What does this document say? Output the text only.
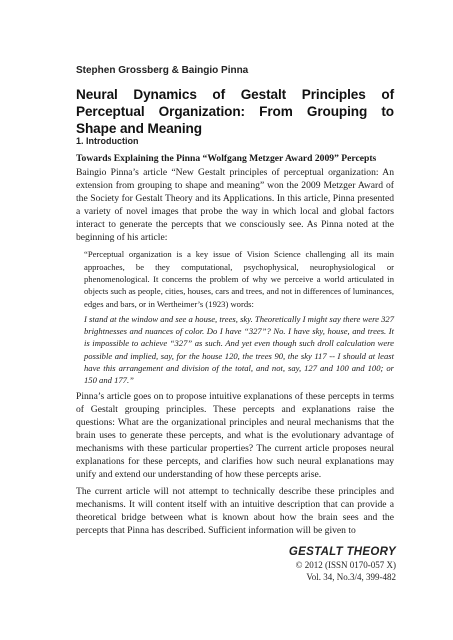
Stephen Grossberg & Baingio Pinna
Neural Dynamics of Gestalt Principles of Perceptual Organization: From Grouping to Shape and Meaning
1. Introduction

Towards Explaining the Pinna “Wolfgang Metzger Award 2009” Percepts

Baingio Pinna’s article “New Gestalt principles of perceptual organization: An extension from grouping to shape and meaning” won the 2009 Metzger Award of the Society for Gestalt Theory and its Applications. In this article, Pinna presented a variety of novel images that probe the way in which local and global factors interact to generate the percepts that we consciously see. As Pinna noted at the beginning of his article:

“Perceptual organization is a key issue of Vision Science challenging all its main approaches, be they computational, psychophysical, neurophysiological or phenomenological. It concerns the problem of why we perceive a world articulated in objects such as people, cities, houses, cars and trees, and not in differences of luminances, edges and bars, or in Wertheimer’s (1923) words:

I stand at the window and see a house, trees, sky. Theoretically I might say there were 327 brightnesses and nuances of color. Do I have “327”? No. I have sky, house, and trees. It is impossible to achieve “327” as such. And yet even though such droll calculation were possible and implied, say, for the house 120, the trees 90, the sky 117 -- I should at least have this arrangement and division of the total, and not, say, 127 and 100 and 100; or 150 and 177.”

Pinna’s article goes on to propose intuitive explanations of these percepts in terms of Gestalt grouping principles. These percepts and explanations raise the questions: What are the organizational principles and neural mechanisms that the brain uses to generate these percepts, and what is the evolutionary advantage of mechanisms with these particular properties? The current article proposes neural explanations for these percepts, and clarifies how such neural explanations may unify and extend our understanding of how these percepts arise.

The current article will not attempt to technically describe these principles and mechanisms. It will content itself with an intuitive description that can provide a theoretical bridge between what is known about how the brain sees and the percepts that Pinna has described. Sufficient information will be given to

GESTALT THEORY
© 2012 (ISSN 0170-057 X)
Vol. 34, No.3/4, 399-482
